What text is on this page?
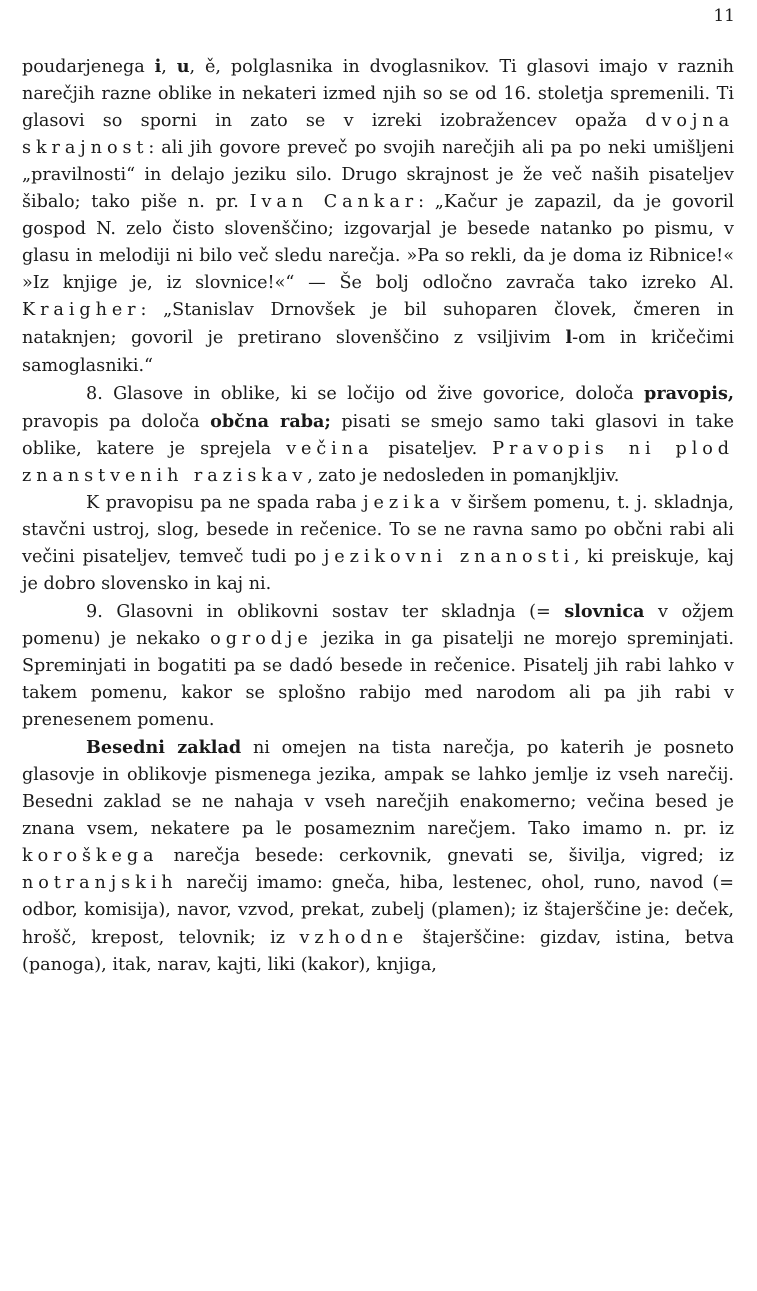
11

poudarjenega i, u, ě, polglasnika in dvoglasnikov. Ti glasovi imajo v raznih narečjih razne oblike in nekateri izmed njih so se od 16. stoletja spremenili. Ti glasovi so sporni in zato se v izreki izobražencev opaža dvojna skrajnost: ali jih govore preveč po svojih narečjih ali pa po neki umišljeni „pravilnosti“ in delajo jeziku silo. Drugo skrajnost je že več naših pisateljev šibalo; tako piše n. pr. Ivan Cankar: „Kačur je zapazil, da je govoril gospod N. zelo čisto slovenščino; izgovarjal je besede natanko po pismu, v glasu in melodiji ni bilo več sledu narečja. »Pa so rekli, da je doma iz Ribnice!« »Iz knjige je, iz slovnice!«“ — Še bolj odločno zavrača tako izreko Al. Kraigher: „Stanislav Drnovšek je bil suhoparen človek, čmeren in nataknjen; govoril je pretirano slovenščino z vsiljivim l-om in kričečimi samoglasniki.“

8. Glasove in oblike, ki se ločijo od žive govorice, določa pravopis, pravopis pa določa občna raba; pisati se smejo samo taki glasovi in take oblike, katere je sprejela večina pisateljev. Pravopis ni plod znanstvenih raziskav, zato je nedosleden in pomanjkljiv.

K pravopisu pa ne spada raba jezika v širšem pomenu, t. j. skladnja, stavčni ustroj, slog, besede in rečenice. To se ne ravna samo po občni rabi ali večini pisateljev, temveč tudi po jezikovni znanosti, ki preiskuje, kaj je dobro slovensko in kaj ni.

9. Glasovni in oblikovni sostav ter skladnja (= slovnica v ožjem pomenu) je nekako ogrodje jezika in ga pisatelji ne morejo spreminjati. Spreminjati in bogatiti pa se dadó besede in rečenice. Pisatelj jih rabi lahko v takem pomenu, kakor se splošno rabijo med narodom ali pa jih rabi v prenesenem pomenu.

Besedni zaklad ni omejen na tista narečja, po katerih je posneto glasovje in oblikovje pismenega jezika, ampak se lahko jemlje iz vseh narečij. Besedni zaklad se ne nahaja v vseh narečjih enakomerno; večina besed je znana vsem, nekatere pa le posameznim narečjem. Tako imamo n. pr. iz koroškega narečja besede: cerkovnik, gnevati se, šivilja, vigred; iz notranjskih narečij imamo: gneča, hiba, lestenec, ohol, runo, navod (= odbor, komisija), navor, vzvod, prekat, zubelj (plamen); iz štajerščine je: deček, hrošč, krepost, telovnik; iz vzhodne štajerščine: gizdav, istina, betva (panoga), itak, narav, kajti, liki (kakor), knjiga,
